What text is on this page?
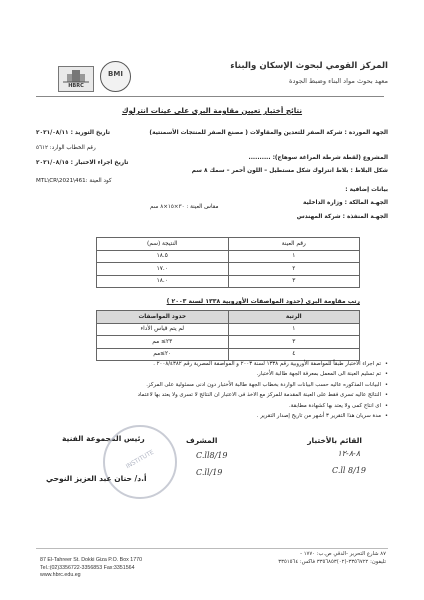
BMI
HBRC
المركز القومي لبحوث الإسكان والبناء
معهد بحوث مواد البناء وضبط الجودة
نتائج أختبار تعيين مقاومة البرى على عينات انترلوك
الجهة الموردة : شركة الصفر للتعدين والمقاولات ( مصنع الصفر للمنتجات الأسمنتية)
تاريخ التوريد : ٢٠٢١/٠٨/١١
رقم الخطاب الوارد: ٥٦١٢
المشروع (لقطة شرطة المراغة سوهاج): ..........
تاريخ اجراء الاختبار : ٢٠٢١/٠٨/١٥
شكل البلاط : بلاط انترلوك شكل مستطيل – اللون أحمر – سمك ٨ سم
كود العينة :MTL\CR\2021\461
بيانات إضافية :
الجهـة المالكة : وزارة الداخلية
مقاس العينة : ٣٠×١٥×٨ سم
الجهـة المنفذة : شركة المهندس
رقم العينة	النتيجة (سم)
١	١٨.٥
٢	١٧.٠
٣	١٨.٠
رتب مقاومة البرى (حدود المواصفات الأوروبية ١٣٣٨ لسنة ٢٠٠٣ )
الرتبة	حدود المواصفات
١	لم يتم قياس الأداء
٣	٢٣≥ مم
٤	٢٠≥مم
• تم اجراء الاختبار طبقاً للمواصفة الأوروبية رقم ١٣٣٨ لسنة ٢٠٠٣ و المواصفة المصرية رقم ٢٠٠٨/٤٣٨٢ .
• تم تسليم العينة الى المعمل بمعرفة الجهة طالبة الأختبار.
• البيانات المذكوره عاليه حسب البيانات الواردة بخطاب الجهة طالبة الأختبار دون ادنى مسئولية على المركز.
• النتائج عاليه تسرى فقط على العينة المقدمة للمركز مع الاخذ فى الاعتبار ان النتائج لا تسرى ولا يعتد بها لاعتماد
• اى انتاج كمى ولا يعتد بها كشهادة مطابقة.
• مدة سريان هذا التقرير ٣ أشهر من تاريخ إصدار التقرير .
القائم بالأختبار
المشرف
رئيس المجموعة الفنية
INSTITUTE	٨-٨-١٢
C.ll 8/19
C.ll8/19
C.ll/19
أ.د/ حنان عبد العزيز النوحي
87 El-Tahreer St. Dokki Giza P.O. Box 1770
Tel.:(02)3356722-3356853 Fax:3351564
www.hbrc.edu.eg
٨٧ شارع التحرير -الدقي ص.ب: ١٧٧٠ -
تليفون: ٣٣٥٦٧٢٢-(٠٢)٣٣٥٦٨٥٣ فاكس: ٣٣٥١٥٦٤
